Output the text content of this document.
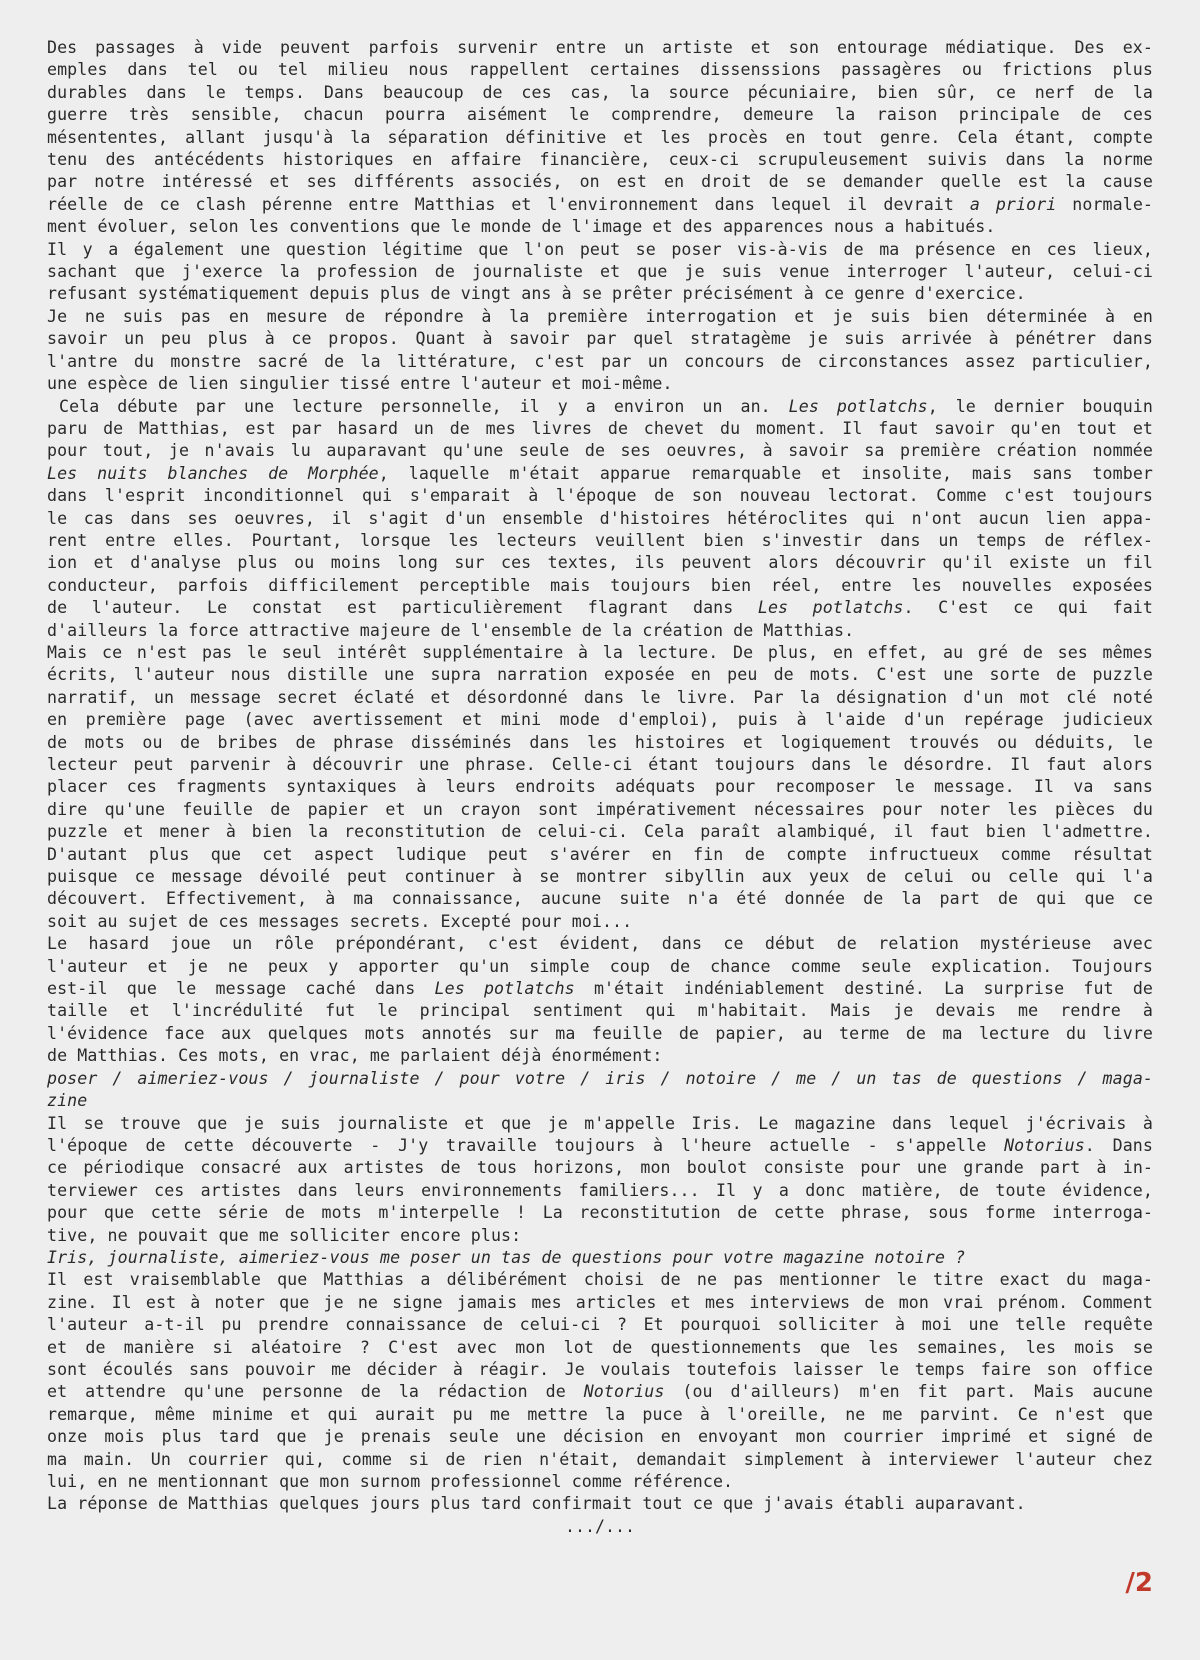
Des passages à vide peuvent parfois survenir entre un artiste et son entourage médiatique. Des ex-
emples dans tel ou tel milieu nous rappellent certaines dissenssions passagères ou frictions plus
durables dans le temps. Dans beaucoup de ces cas, la source pécuniaire, bien sûr, ce nerf de la
guerre très sensible, chacun pourra aisément le comprendre, demeure la raison principale de ces
mésententes, allant jusqu'à la séparation définitive et les procès en tout genre. Cela étant, compte
tenu des antécédents historiques en affaire financière, ceux-ci scrupuleusement suivis dans la norme
par notre intéressé et ses différents associés, on est en droit de se demander quelle est la cause
réelle de ce clash pérenne entre Matthias et l'environnement dans lequel il devrait a priori normale-
ment évoluer, selon les conventions que le monde de l'image et des apparences nous a habitués.
Il y a également une question légitime que l'on peut se poser vis-à-vis de ma présence en ces lieux,
sachant que j'exerce la profession de journaliste et que je suis venue interroger l'auteur, celui-ci
refusant systématiquement depuis plus de vingt ans à se prêter précisément à ce genre d'exercice.
Je ne suis pas en mesure de répondre à la première interrogation et je suis bien déterminée à en
savoir un peu plus à ce propos. Quant à savoir par quel stratagème je suis arrivée à pénétrer dans
l'antre du monstre sacré de la littérature, c'est par un concours de circonstances assez particulier,
une espèce de lien singulier tissé entre l'auteur et moi-même.
Cela débute par une lecture personnelle, il y a environ un an. Les potlatchs, le dernier bouquin
paru de Matthias, est par hasard un de mes livres de chevet du moment. Il faut savoir qu'en tout et
pour tout, je n'avais lu auparavant qu'une seule de ses oeuvres, à savoir sa première création nommée
Les nuits blanches de Morphée, laquelle m'était apparue remarquable et insolite, mais sans tomber
dans l'esprit inconditionnel qui s'emparait à l'époque de son nouveau lectorat. Comme c'est toujours
le cas dans ses oeuvres, il s'agit d'un ensemble d'histoires hétéroclites qui n'ont aucun lien appa-
rent entre elles. Pourtant, lorsque les lecteurs veuillent bien s'investir dans un temps de réflex-
ion et d'analyse plus ou moins long sur ces textes, ils peuvent alors découvrir qu'il existe un fil
conducteur, parfois difficilement perceptible mais toujours bien réel, entre les nouvelles exposées
de l'auteur. Le constat est particulièrement flagrant dans Les potlatchs. C'est ce qui fait
d'ailleurs la force attractive majeure de l'ensemble de la création de Matthias.
Mais ce n'est pas le seul intérêt supplémentaire à la lecture. De plus, en effet, au gré de ses mêmes
écrits, l'auteur nous distille une supra narration exposée en peu de mots. C'est une sorte de puzzle
narratif, un message secret éclaté et désordonné dans le livre. Par la désignation d'un mot clé noté
en première page (avec avertissement et mini mode d'emploi), puis à l'aide d'un repérage judicieux
de mots ou de bribes de phrase disséminés dans les histoires et logiquement trouvés ou déduits, le
lecteur peut parvenir à découvrir une phrase. Celle-ci étant toujours dans le désordre. Il faut alors
placer ces fragments syntaxiques à leurs endroits adéquats pour recomposer le message. Il va sans
dire qu'une feuille de papier et un crayon sont impérativement nécessaires pour noter les pièces du
puzzle et mener à bien la reconstitution de celui-ci. Cela paraît alambiqué, il faut bien l'admettre.
D'autant plus que cet aspect ludique peut s'avérer en fin de compte infructueux comme résultat
puisque ce message dévoilé peut continuer à se montrer sibyllin aux yeux de celui ou celle qui l'a
découvert. Effectivement, à ma connaissance, aucune suite n'a été donnée de la part de qui que ce
soit au sujet de ces messages secrets. Excepté pour moi...
Le hasard joue un rôle prépondérant, c'est évident, dans ce début de relation mystérieuse avec
l'auteur et je ne peux y apporter qu'un simple coup de chance comme seule explication. Toujours
est-il que le message caché dans Les potlatchs m'était indéniablement destiné. La surprise fut de
taille et l'incrédulité fut le principal sentiment qui m'habitait. Mais je devais me rendre à
l'évidence face aux quelques mots annotés sur ma feuille de papier, au terme de ma lecture du livre
de Matthias. Ces mots, en vrac, me parlaient déjà énormément:
poser / aimeriez-vous / journaliste / pour votre / iris / notoire / me / un tas de questions / maga-
zine
Il se trouve que je suis journaliste et que je m'appelle Iris. Le magazine dans lequel j'écrivais à
l'époque de cette découverte - J'y travaille toujours à l'heure actuelle - s'appelle Notorius. Dans
ce périodique consacré aux artistes de tous horizons, mon boulot consiste pour une grande part à in-
terviewer ces artistes dans leurs environnements familiers... Il y a donc matière, de toute évidence,
pour que cette série de mots m'interpelle ! La reconstitution de cette phrase, sous forme interroga-
tive, ne pouvait que me solliciter encore plus:
Iris, journaliste, aimeriez-vous me poser un tas de questions pour votre magazine notoire ?
Il est vraisemblable que Matthias a délibérément choisi de ne pas mentionner le titre exact du maga-
zine. Il est à noter que je ne signe jamais mes articles et mes interviews de mon vrai prénom. Comment
l'auteur a-t-il pu prendre connaissance de celui-ci ? Et pourquoi solliciter à moi une telle requête
et de manière si aléatoire ? C'est avec mon lot de questionnements que les semaines, les mois se
sont écoulés sans pouvoir me décider à réagir. Je voulais toutefois laisser le temps faire son office
et attendre qu'une personne de la rédaction de Notorius (ou d'ailleurs) m'en fit part. Mais aucune
remarque, même minime et qui aurait pu me mettre la puce à l'oreille, ne me parvint. Ce n'est que
onze mois plus tard que je prenais seule une décision en envoyant mon courrier imprimé et signé de
ma main. Un courrier qui, comme si de rien n'était, demandait simplement à interviewer l'auteur chez
lui, en ne mentionnant que mon surnom professionnel comme référence.
La réponse de Matthias quelques jours plus tard confirmait tout ce que j'avais établi auparavant.
.../...
/2
